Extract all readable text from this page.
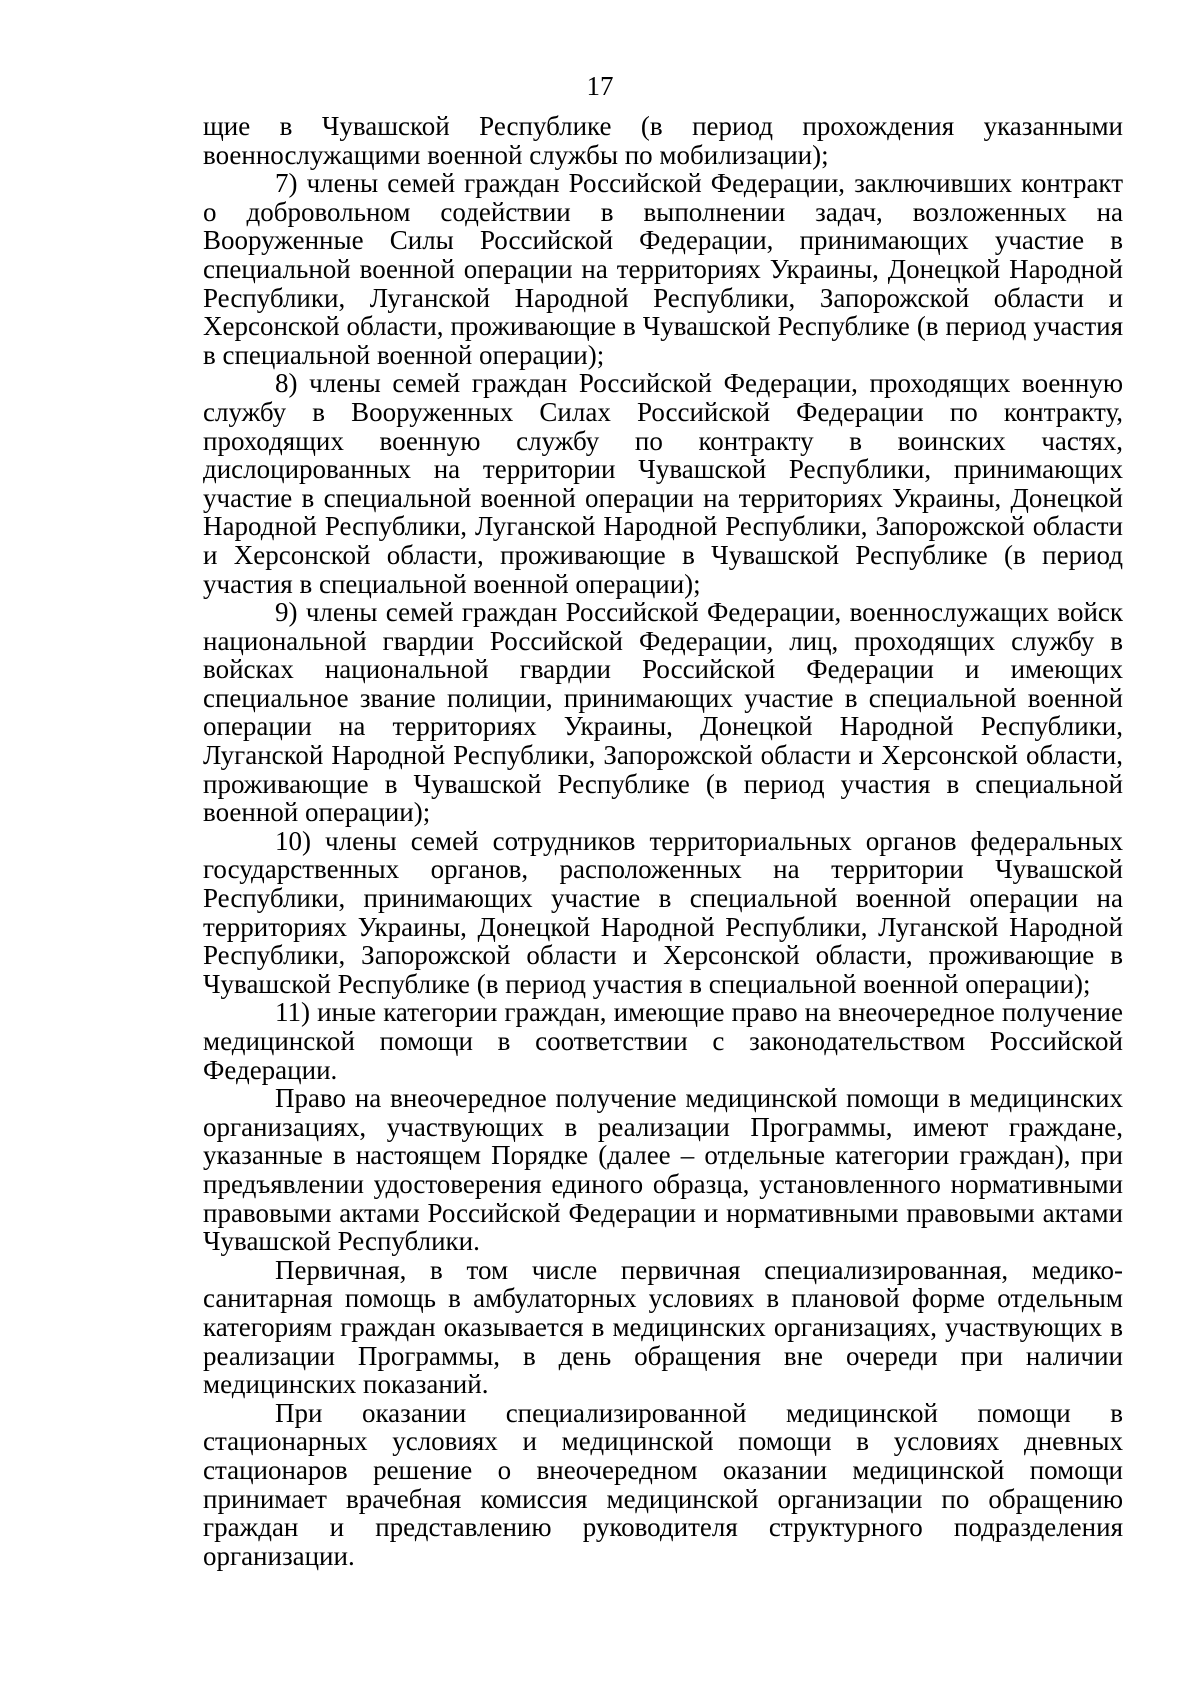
17

щие в Чувашской Республике (в период прохождения указанными военнослужащими военной службы по мобилизации);

7) члены семей граждан Российской Федерации, заключивших контракт о добровольном содействии в выполнении задач, возложенных на Вооруженные Силы Российской Федерации, принимающих участие в специальной военной операции на территориях Украины, Донецкой Народной Республики, Луганской Народной Республики, Запорожской области и Херсонской области, проживающие в Чувашской Республике (в период участия в специальной военной операции);

8) члены семей граждан Российской Федерации, проходящих военную службу в Вооруженных Силах Российской Федерации по контракту, проходящих военную службу по контракту в воинских частях, дислоцированных на территории Чувашской Республики, принимающих участие в специальной военной операции на территориях Украины, Донецкой Народной Республики, Луганской Народной Республики, Запорожской области и Херсонской области, проживающие в Чувашской Республике (в период участия в специальной военной операции);

9) члены семей граждан Российской Федерации, военнослужащих войск национальной гвардии Российской Федерации, лиц, проходящих службу в войсках национальной гвардии Российской Федерации и имеющих специальное звание полиции, принимающих участие в специальной военной операции на территориях Украины, Донецкой Народной Республики, Луганской Народной Республики, Запорожской области и Херсонской области, проживающие в Чувашской Республике (в период участия в специальной военной операции);

10) члены семей сотрудников территориальных органов федеральных государственных органов, расположенных на территории Чувашской Республики, принимающих участие в специальной военной операции на территориях Украины, Донецкой Народной Республики, Луганской Народной Республики, Запорожской области и Херсонской области, проживающие в Чувашской Республике (в период участия в специальной военной операции);

11) иные категории граждан, имеющие право на внеочередное получение медицинской помощи в соответствии с законодательством Российской Федерации.

Право на внеочередное получение медицинской помощи в медицинских организациях, участвующих в реализации Программы, имеют граждане, указанные в настоящем Порядке (далее – отдельные категории граждан), при предъявлении удостоверения единого образца, установленного нормативными правовыми актами Российской Федерации и нормативными правовыми актами Чувашской Республики.

Первичная, в том числе первичная специализированная, медико-санитарная помощь в амбулаторных условиях в плановой форме отдельным категориям граждан оказывается в медицинских организациях, участвующих в реализации Программы, в день обращения вне очереди при наличии медицинских показаний.

При оказании специализированной медицинской помощи в стационарных условиях и медицинской помощи в условиях дневных стационаров решение о внеочередном оказании медицинской помощи принимает врачебная комиссия медицинской организации по обращению граждан и представлению руководителя структурного подразделения организации.
